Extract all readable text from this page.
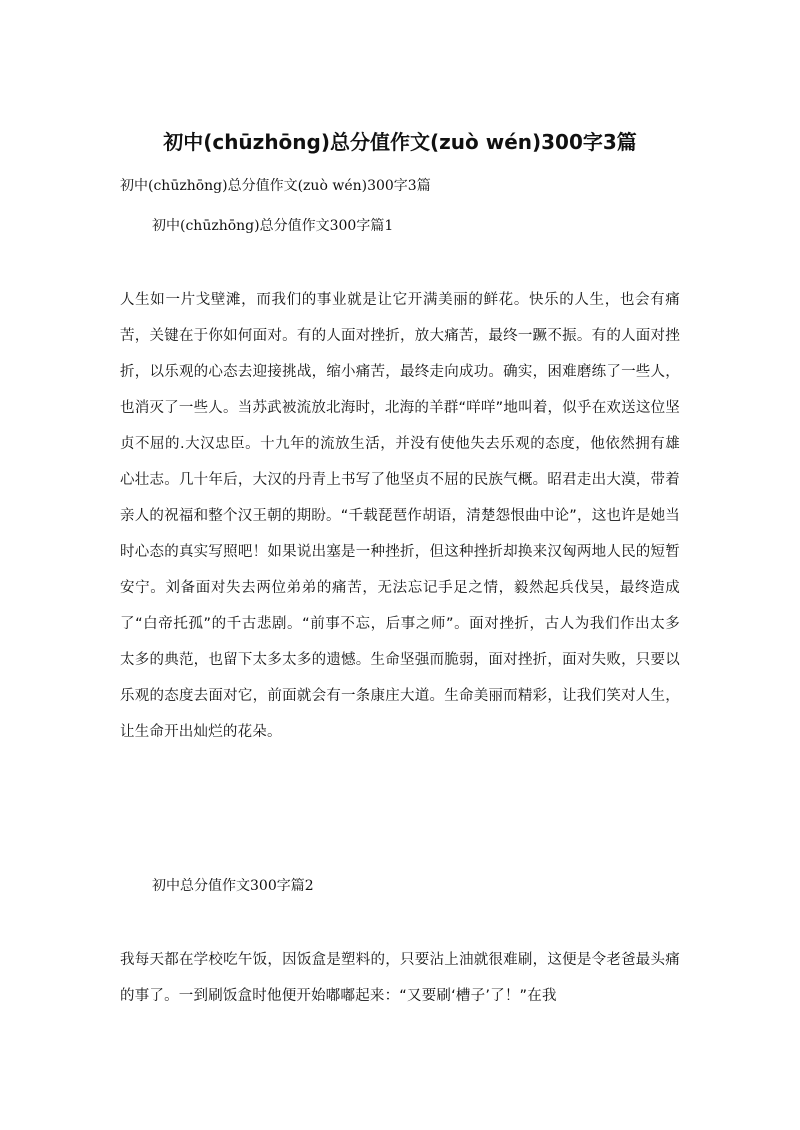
初中(chūzhōng)总分值作文(zuò wén)300字3篇
初中(chūzhōng)总分值作文(zuò wén)300字3篇
初中(chūzhōng)总分值作文300字篇1
人生如一片戈壁滩，而我们的事业就是让它开满美丽的鲜花。快乐的人生，也会有痛苦，关键在于你如何面对。有的人面对挫折，放大痛苦，最终一蹶不振。有的人面对挫折，以乐观的心态去迎接挑战，缩小痛苦，最终走向成功。确实，困难磨练了一些人，也消灭了一些人。当苏武被流放北海时，北海的羊群“咩咩”地叫着，似乎在欢送这位坚贞不屈的.大汉忠臣。十九年的流放生活，并没有使他失去乐观的态度，他依然拥有雄心壮志。几十年后，大汉的丹青上书写了他坚贞不屈的民族气概。昭君走出大漠，带着亲人的祝福和整个汉王朝的期盼。“千载琵琶作胡语，清楚怨恨曲中论”，这也许是她当时心态的真实写照吧！如果说出塞是一种挫折，但这种挫折却换来汉匈两地人民的短暂安宁。刘备面对失去两位弟弟的痛苦，无法忘记手足之情，毅然起兵伐吴，最终造成了“白帝托孤”的千古悲剧。“前事不忘，后事之师”。面对挫折，古人为我们作出太多太多的典范，也留下太多太多的遗憾。生命坚强而脆弱，面对挫折，面对失败，只要以乐观的态度去面对它，前面就会有一条康庄大道。生命美丽而精彩，让我们笑对人生，让生命开出灿烂的花朵。
初中总分值作文300字篇2
我每天都在学校吃午饭，因饭盒是塑料的，只要沾上油就很难刷，这便是令老爸最头痛的事了。一到刷饭盒时他便开始嘟嘟起来：“又要刷‘槽子’了！”在我
